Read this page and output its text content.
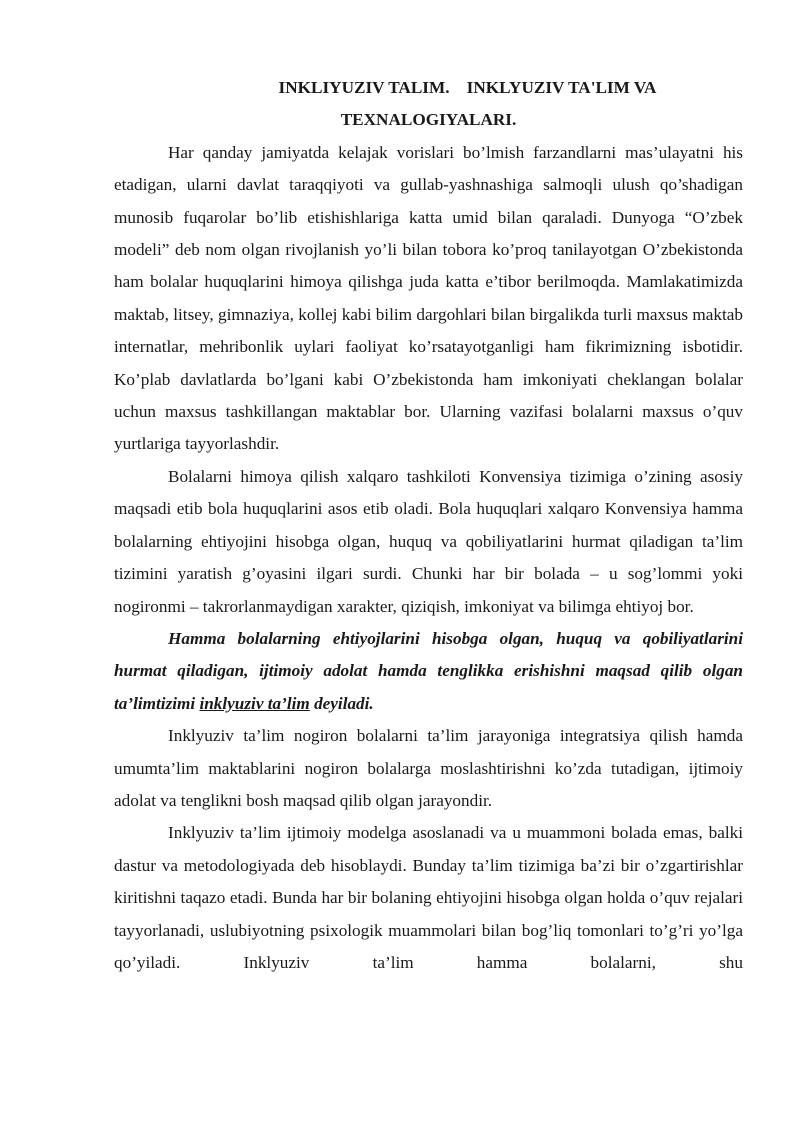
INKLIYUZIV TALIM.    INKLYUZIV TA'LIM VA
TEXNALOGIYALARI.

Har qanday jamiyatda kelajak vorislari bo’lmish farzandlarni mas’ulayatni his etadigan, ularni davlat taraqqiyoti va gullab-yashnashiga salmoqli ulush qo’shadigan munosib fuqarolar bo’lib etishishlariga katta umid bilan qaraladi. Dunyoga “O’zbek modeli” deb nom olgan rivojlanish yo’li bilan tobora ko’proq tanilayotgan O’zbekistonda ham bolalar huquqlarini himoya qilishga juda katta e’tibor berilmoqda. Mamlakatimizda maktab, litsey, gimnaziya, kollej kabi bilim dargohlari bilan birgalikda turli maxsus maktab internatlar, mehribonlik uylari faoliyat ko’rsatayotganligi ham fikrimizning isbotidir. Ko’plab davlatlarda bo’lgani kabi O’zbekistonda ham imkoniyati cheklangan bolalar uchun maxsus tashkillangan maktablar bor. Ularning vazifasi bolalarni maxsus o’quv yurtlariga tayyorlashdir.

Bolalarni himoya qilish xalqaro tashkiloti Konvensiya tizimiga o’zining asosiy maqsadi etib bola huquqlarini asos etib oladi. Bola huquqlari xalqaro Konvensiya hamma bolalarning ehtiyojini hisobga olgan, huquq va qobiliyatlarini hurmat qiladigan ta’lim tizimini yaratish g’oyasini ilgari surdi. Chunki har bir bolada – u sog’lommi yoki nogironmi – takrorlanmaydigan xarakter, qiziqish, imkoniyat va bilimga ehtiyoj bor.

Hamma bolalarning ehtiyojlarini hisobga olgan, huquq va qobiliyatlarini hurmat qiladigan, ijtimoiy adolat hamda tenglikka erishishni maqsad qilib olgan ta’limtizimi inklyuziv ta’lim deyiladi.

Inklyuziv ta’lim nogiron bolalarni ta’lim jarayoniga integratsiya qilish hamda umumta’lim maktablarini nogiron bolalarga moslashtirishni ko’zda tutadigan, ijtimoiy adolat va tenglikni bosh maqsad qilib olgan jarayondir.

Inklyuziv ta’lim ijtimoiy modelga asoslanadi va u muammoni bolada emas, balki dastur va metodologiyada deb hisoblaydi. Bunday ta’lim tizimiga ba’zi bir o’zgartirishlar kiritishni taqazo etadi. Bunda har bir bolaning ehtiyojini hisobga olgan holda o’quv rejalari tayyorlanadi, uslubiyotning psixologik muammolari bilan bog’liq tomonlari to’g’ri yo’lga qo’yiladi. Inklyuziv ta’lim hamma bolalarni, shu
